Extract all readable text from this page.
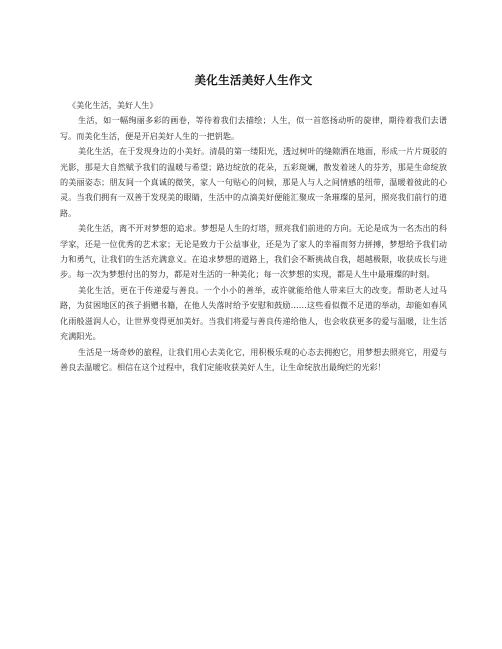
美化生活美好人生作文

《美化生活，美好人生》

生活，如一幅绚丽多彩的画卷，等待着我们去描绘；人生，似一首悠扬动听的旋律，期待着我们去谱写。而美化生活，便是开启美好人生的一把钥匙。

美化生活，在于发现身边的小美好。清晨的第一缕阳光，透过树叶的缝隙洒在地面，形成一片片斑驳的光影，那是大自然赋予我们的温暖与希望；路边绽放的花朵，五彩斑斓，散发着迷人的芬芳，那是生命绽放的美丽姿态；朋友间一个真诚的微笑，家人一句贴心的问候，那是人与人之间情感的纽带，温暖着彼此的心灵。当我们拥有一双善于发现美的眼睛，生活中的点滴美好便能汇聚成一条璀璨的星河，照亮我们前行的道路。

美化生活，离不开对梦想的追求。梦想是人生的灯塔，照亮我们前进的方向。无论是成为一名杰出的科学家，还是一位优秀的艺术家；无论是致力于公益事业，还是为了家人的幸福而努力拼搏，梦想给予我们动力和勇气，让我们的生活充满意义。在追求梦想的道路上，我们会不断挑战自我，超越极限，收获成长与进步。每一次为梦想付出的努力，都是对生活的一种美化；每一次梦想的实现，都是人生中最璀璨的时刻。

美化生活，更在于传递爱与善良。一个小小的善举，或许就能给他人带来巨大的改变。帮助老人过马路，为贫困地区的孩子捐赠书籍，在他人失落时给予安慰和鼓励……这些看似微不足道的举动，却能如春风化雨般滋润人心，让世界变得更加美好。当我们将爱与善良传递给他人，也会收获更多的爱与温暖，让生活充满阳光。

生活是一场奇妙的旅程，让我们用心去美化它，用积极乐观的心态去拥抱它，用梦想去照亮它，用爱与善良去温暖它。相信在这个过程中，我们定能收获美好人生，让生命绽放出最绚烂的光彩！
